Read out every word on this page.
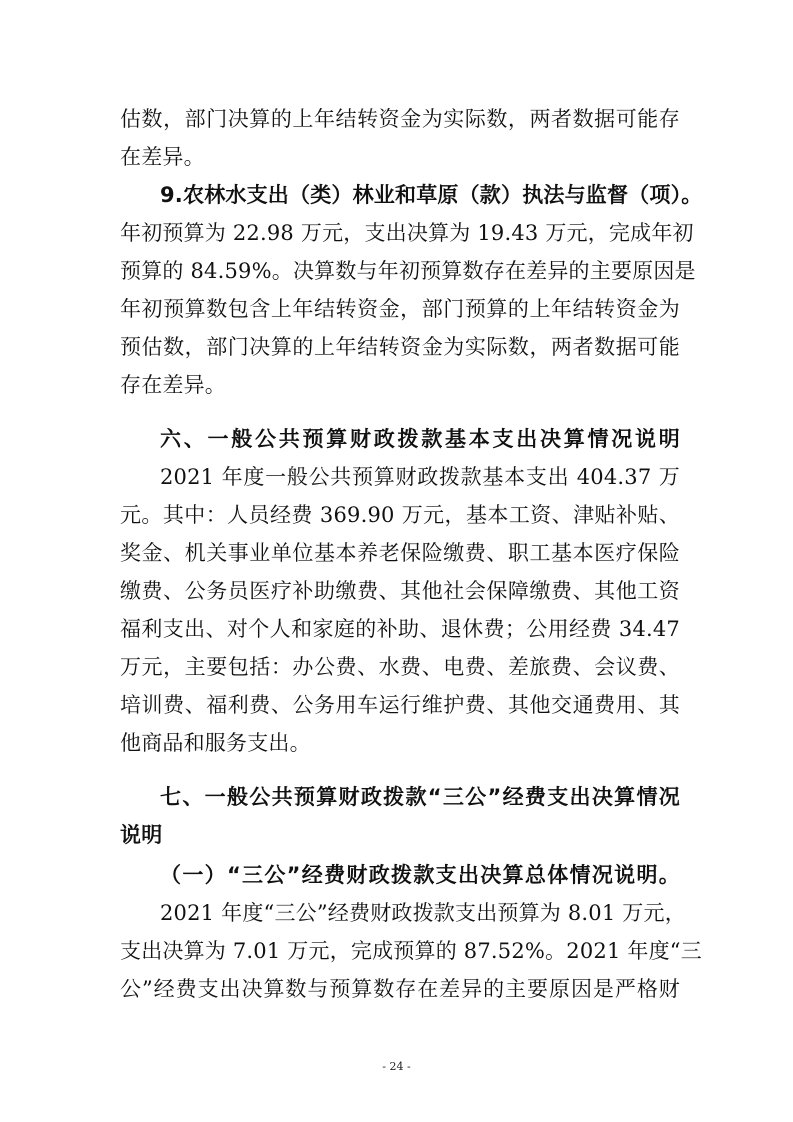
估数，部门决算的上年结转资金为实际数，两者数据可能存
在差异。
9.农林水支出（类）林业和草原（款）执法与监督（项）。
年初预算为 22.98 万元，支出决算为 19.43 万元，完成年初
预算的 84.59%。决算数与年初预算数存在差异的主要原因是
年初预算数包含上年结转资金，部门预算的上年结转资金为
预估数，部门决算的上年结转资金为实际数，两者数据可能
存在差异。
六、一般公共预算财政拨款基本支出决算情况说明
2021 年度一般公共预算财政拨款基本支出 404.37 万
元。其中：人员经费 369.90 万元，基本工资、津贴补贴、
奖金、机关事业单位基本养老保险缴费、职工基本医疗保险
缴费、公务员医疗补助缴费、其他社会保障缴费、其他工资
福利支出、对个人和家庭的补助、退休费；公用经费 34.47
万元，主要包括：办公费、水费、电费、差旅费、会议费、
培训费、福利费、公务用车运行维护费、其他交通费用、其
他商品和服务支出。
七、一般公共预算财政拨款“三公”经费支出决算情况
说明
（一）“三公”经费财政拨款支出决算总体情况说明。
2021 年度“三公”经费财政拨款支出预算为 8.01 万元，
支出决算为 7.01 万元，完成预算的 87.52%。2021 年度“三
公”经费支出决算数与预算数存在差异的主要原因是严格财
- 24 -
